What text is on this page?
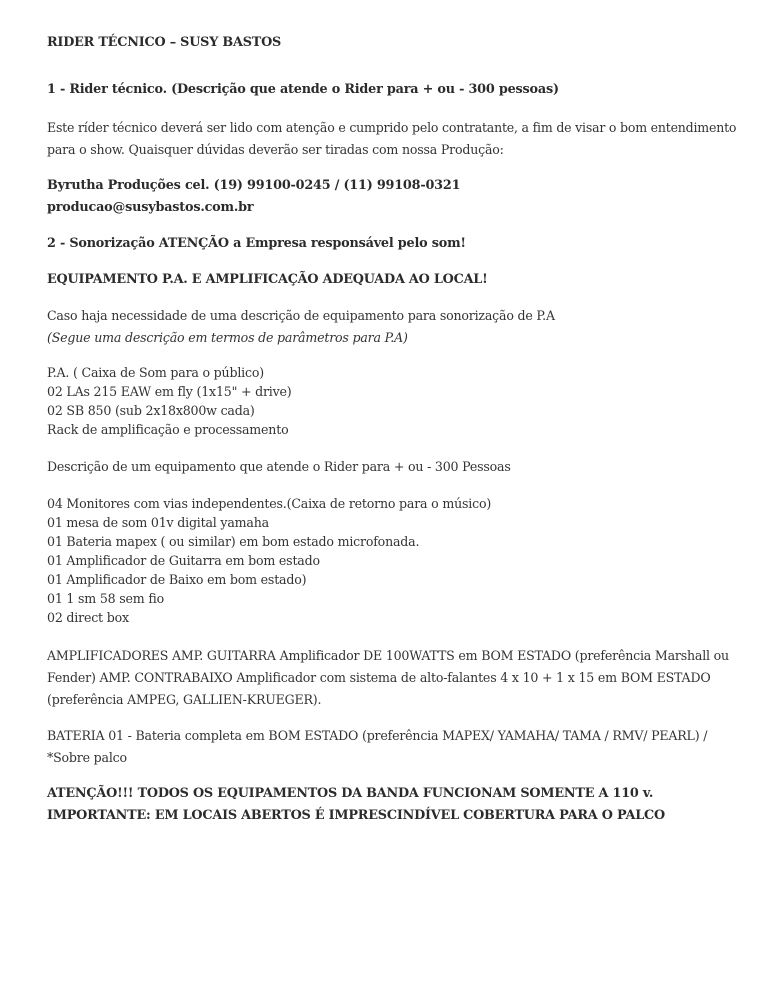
RIDER TÉCNICO – SUSY BASTOS
1 - Rider técnico. (Descrição que atende o Rider para + ou - 300 pessoas)
Este ríder técnico deverá ser lido com atenção e cumprido pelo contratante, a fim de visar o bom entendimento
para o show. Quaisquer dúvidas deverão ser tiradas com nossa Produção:
Byrutha Produções cel. (19) 99100-0245 / (11) 99108-0321
producao@susybastos.com.br
2 - Sonorização ATENÇÃO a Empresa responsável pelo som!
EQUIPAMENTO P.A. E AMPLIFICAÇÃO ADEQUADA AO LOCAL!
Caso haja necessidade de uma descrição de equipamento para sonorização de P.A
(Segue uma descrição em termos de parâmetros para P.A)
P.A. ( Caixa de Som para o público)
02 LAs 215 EAW em fly (1x15" + drive)
02 SB 850 (sub 2x18x800w cada)
Rack de amplificação e processamento
Descrição de um equipamento que atende o Rider para + ou - 300 Pessoas
04 Monitores com vias independentes.(Caixa de retorno para o músico)
01 mesa de som 01v digital yamaha
01 Bateria mapex ( ou similar) em bom estado microfonada.
01 Amplificador de Guitarra em bom estado
01 Amplificador de Baixo em bom estado)
01 1 sm 58 sem fio
02 direct box
AMPLIFICADORES AMP. GUITARRA Amplificador DE 100WATTS em BOM ESTADO (preferência Marshall ou
Fender) AMP. CONTRABAIXO Amplificador com sistema de alto-falantes 4 x 10 + 1 x 15 em BOM ESTADO
(preferência AMPEG, GALLIEN-KRUEGER).
BATERIA 01 - Bateria completa em BOM ESTADO (preferência MAPEX/ YAMAHA/ TAMA / RMV/ PEARL) /
*Sobre palco
ATENÇÃO!!! TODOS OS EQUIPAMENTOS DA BANDA FUNCIONAM SOMENTE A 110 v.
IMPORTANTE: EM LOCAIS ABERTOS É IMPRESCINDÍVEL COBERTURA PARA O PALCO
